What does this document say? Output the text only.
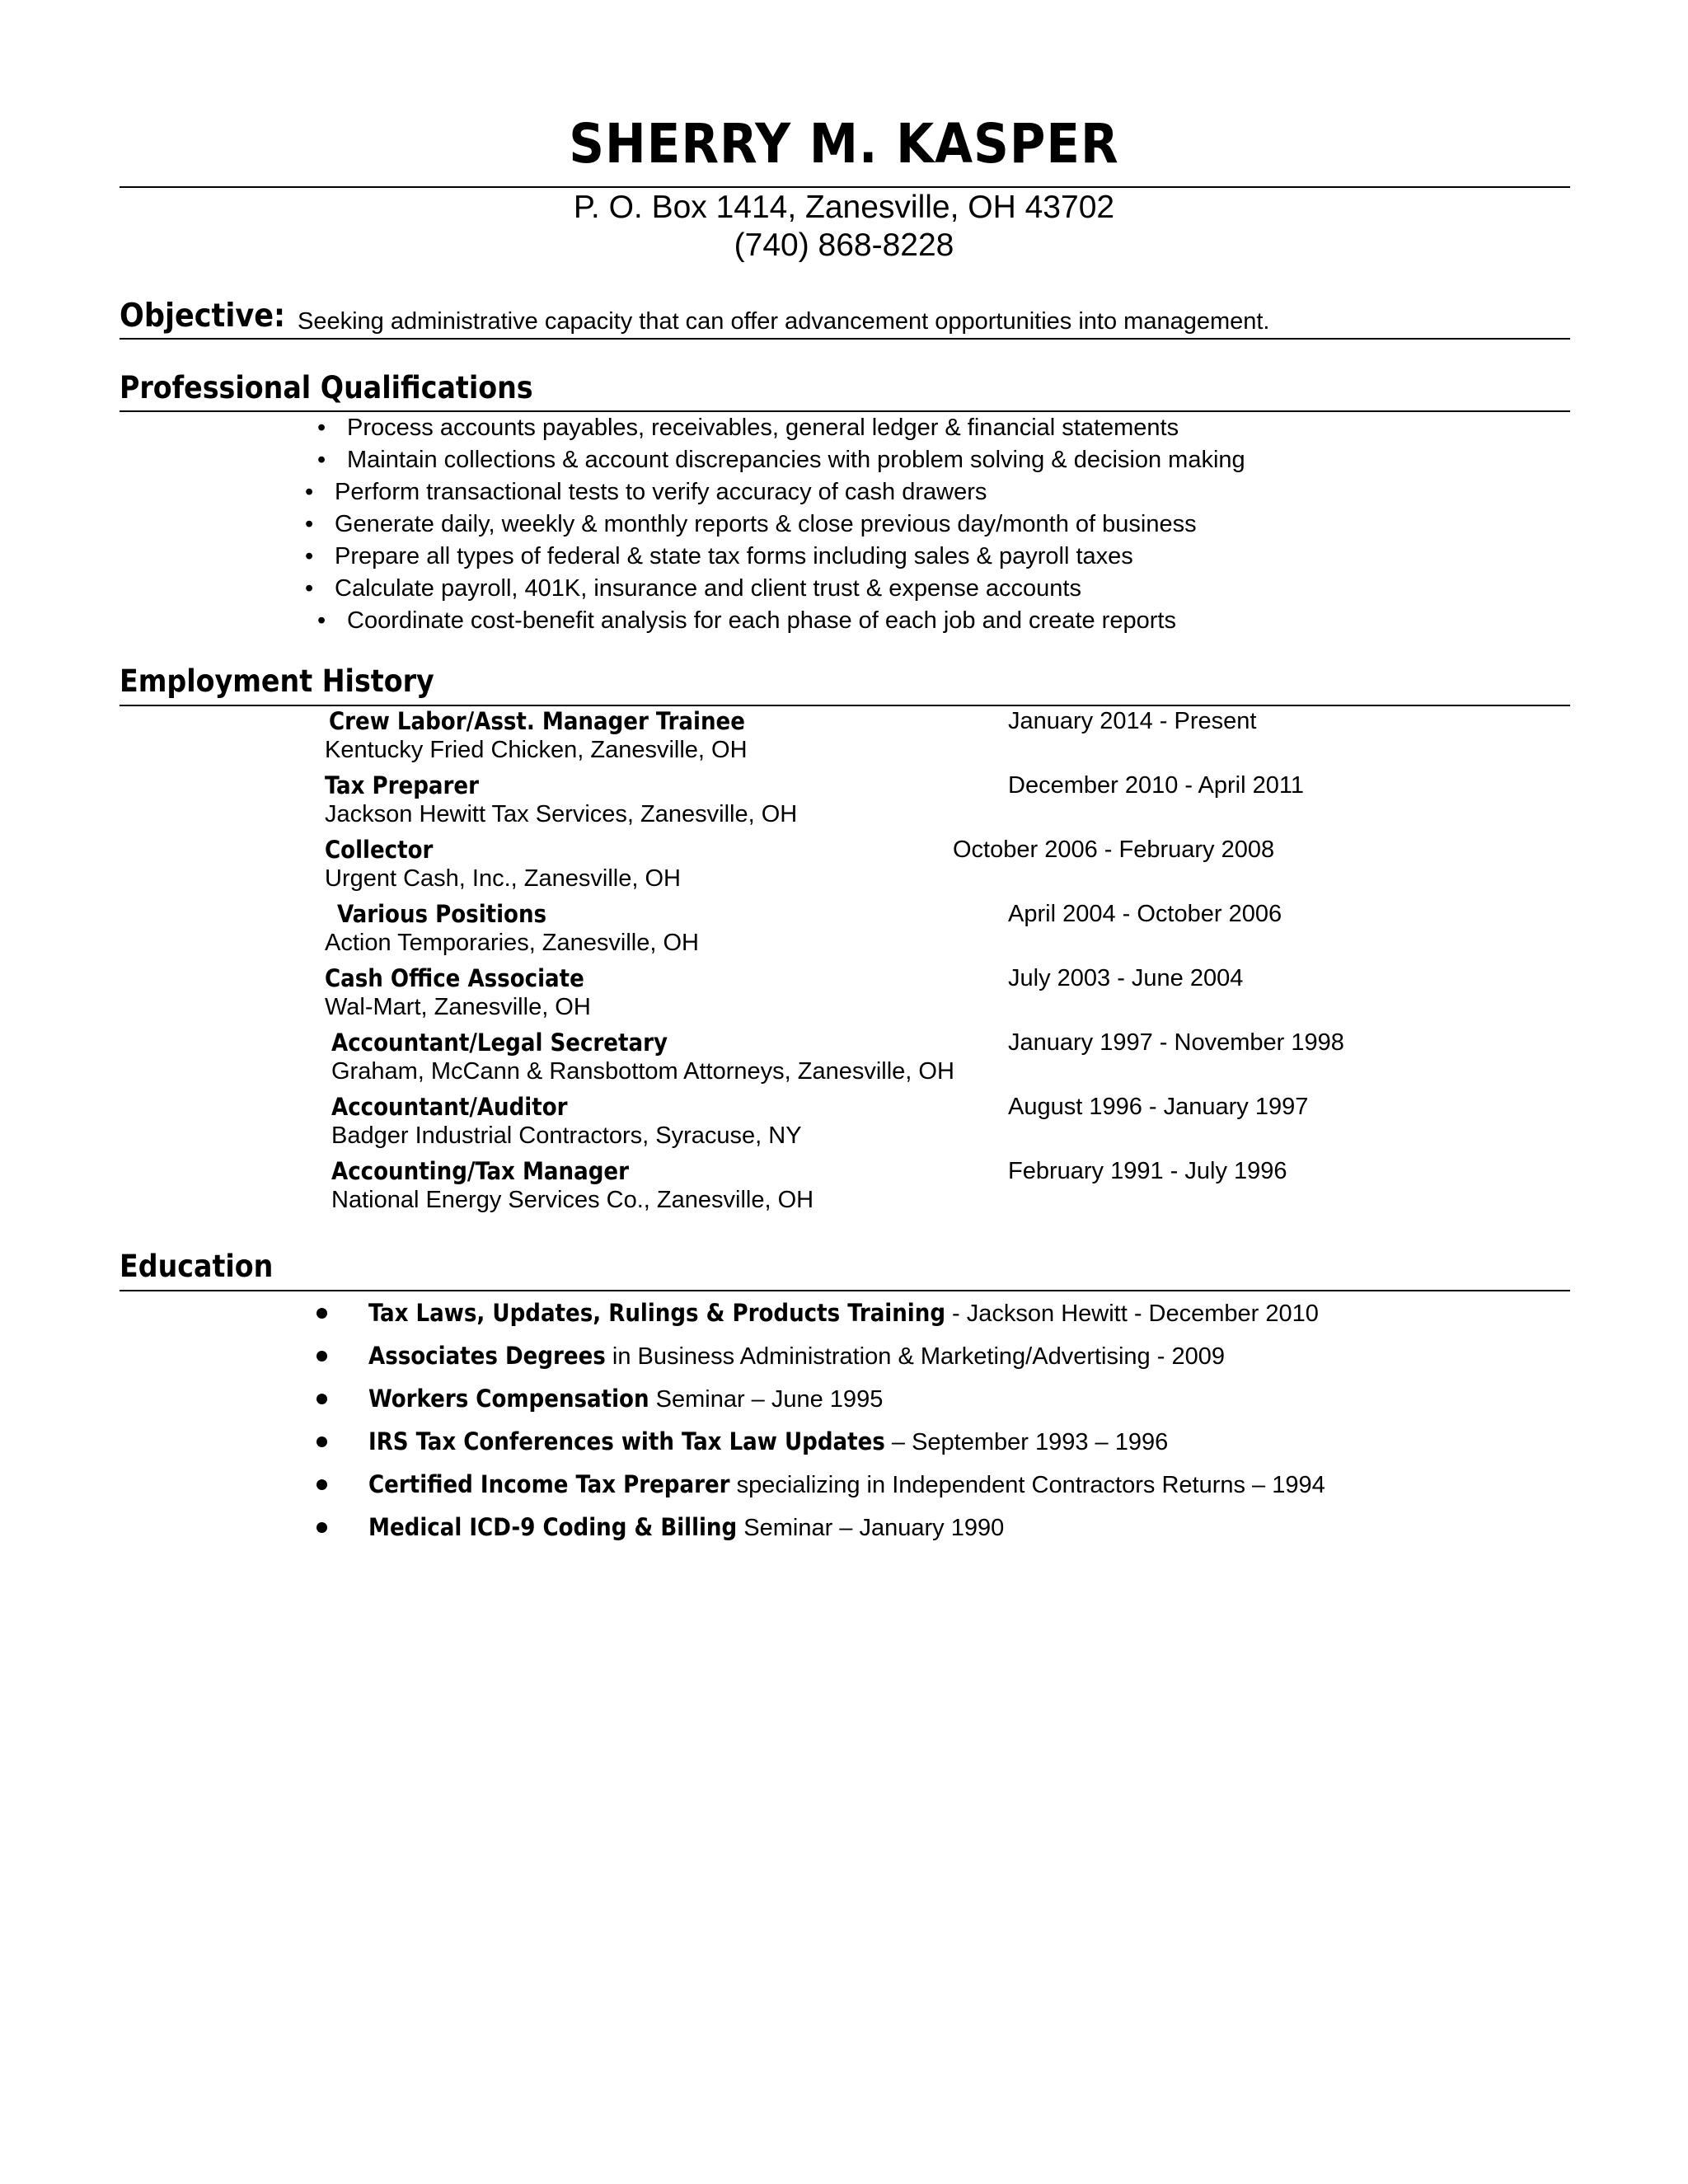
SHERRY M. KASPER
P. O. Box 1414, Zanesville, OH 43702
(740) 868-8228
Objective: Seeking administrative capacity that can offer advancement opportunities into management.
Professional Qualifications
• Process accounts payables, receivables, general ledger & financial statements
• Maintain collections & account discrepancies with problem solving & decision making
• Perform transactional tests to verify accuracy of cash drawers
• Generate daily, weekly & monthly reports & close previous day/month of business
• Prepare all types of federal & state tax forms including sales & payroll taxes
• Calculate payroll, 401K, insurance and client trust & expense accounts
• Coordinate cost-benefit analysis for each phase of each job and create reports
Employment History
Crew Labor/Asst. Manager Trainee	January 2014 - Present
Kentucky Fried Chicken, Zanesville, OH
Tax Preparer	December 2010 - April 2011
Jackson Hewitt Tax Services, Zanesville, OH
Collector	October 2006 - February 2008
Urgent Cash, Inc., Zanesville, OH
Various Positions	April 2004 - October 2006
Action Temporaries, Zanesville, OH
Cash Office Associate	July 2003 - June 2004
Wal-Mart, Zanesville, OH
Accountant/Legal Secretary	January 1997 - November 1998
Graham, McCann & Ransbottom Attorneys, Zanesville, OH
Accountant/Auditor	August 1996 - January 1997
Badger Industrial Contractors, Syracuse, NY
Accounting/Tax Manager	February 1991 - July 1996
National Energy Services Co., Zanesville, OH
Education
Tax Laws, Updates, Rulings & Products Training - Jackson Hewitt - December 2010
Associates Degrees in Business Administration & Marketing/Advertising - 2009
Workers Compensation Seminar – June 1995
IRS Tax Conferences with Tax Law Updates – September 1993 – 1996
Certified Income Tax Preparer specializing in Independent Contractors Returns – 1994
Medical ICD-9 Coding & Billing Seminar – January 1990
